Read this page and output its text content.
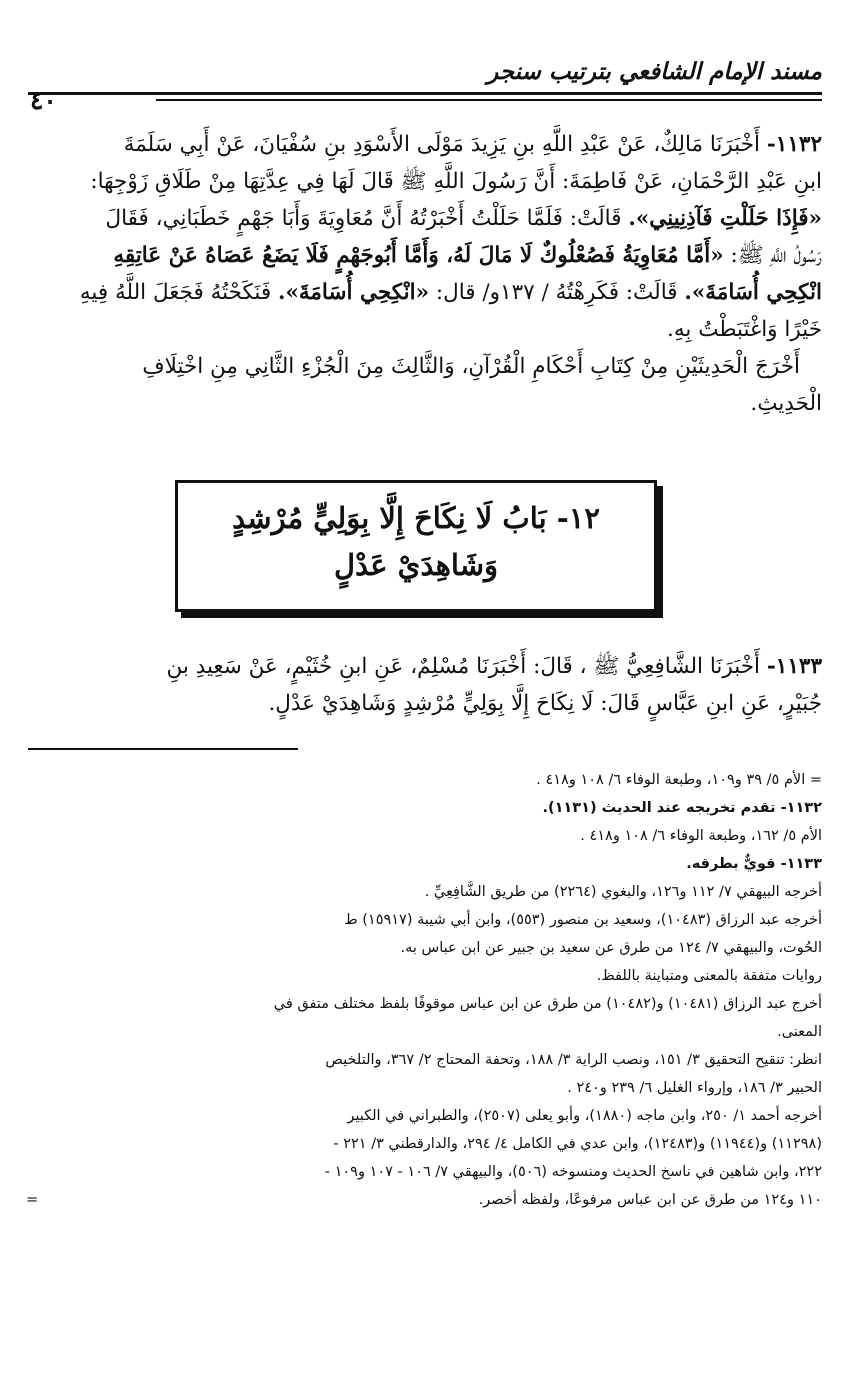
مسند الإمام الشافعي بترتيب سنجر
٤٠

١١٣٢- أَخْبَرَنَا مَالِكٌ، عَنْ عَبْدِ اللَّهِ بنِ يَزِيدَ مَوْلَى الأَسْوَدِ بنِ سُفْيَانَ، عَنْ أَبِي سَلَمَةَ

ابنِ عَبْدِ الرَّحْمَانِ، عَنْ فَاطِمَةَ: أَنَّ رَسُولَ اللَّهِ ﷺ قَالَ لَهَا فِي عِدَّتِهَا مِنْ طَلَاقِ زَوْجِهَا:

«فَإِذَا حَلَلْتِ فَآذِنِينِي». قَالَتْ: فَلَمَّا حَلَلْتُ أَخْبَرْتُهُ أَنَّ مُعَاوِيَةَ وَأَبَا جَهْمٍ خَطَبَانِي، فَقَالَ

رَسُولُ اللَّهِ ﷺ: «أَمَّا مُعَاوِيَةُ فَصُعْلُوكٌ لَا مَالَ لَهُ، وَأَمَّا أَبُوجَهْمٍ فَلَا يَضَعُ عَصَاهُ عَنْ عَاتِقِهِ

انْكِحِي أُسَامَةَ». قَالَتْ: فَكَرِهْتُهُ / ١٣٧و/ قال: «انْكِحِي أُسَامَةَ». فَنَكَحْتُهُ فَجَعَلَ اللَّهُ فِيهِ

خَيْرًا وَاغْتَبَطْتُ بِهِ.

أَخْرَجَ الْحَدِيثَيْنِ مِنْ كِتَابِ أَحْكَامِ الْقُرْآنِ، وَالثَّالِثَ مِنَ الْجُزْءِ الثَّانِي مِنِ اخْتِلَافِ

الْحَدِيثِ.

١٢- بَابُ لَا نِكَاحَ إِلَّا بِوَلِيٍّ مُرْشِدٍ
وَشَاهِدَيْ عَدْلٍ

١١٣٣- أَخْبَرَنَا الشَّافِعِيُّ ﷺ ، قَالَ: أَخْبَرَنَا مُسْلِمٌ، عَنِ ابنِ خُثَيْمٍ، عَنْ سَعِيدِ بنِ

جُبَيْرٍ، عَنِ ابنِ عَبَّاسٍ قَالَ: لَا نِكَاحَ إِلَّا بِوَلِيٍّ مُرْشِدٍ وَشَاهِدَيْ عَدْلٍ.

= الأم ٥/ ٣٩ و١٠٩، وطبعة الوفاء ٦/ ١٠٨ و٤١٨ .

١١٣٢- تقدم تخريجه عند الحديث (١١٣١).

الأم ٥/ ١٦٢، وطبعة الوفاء ٦/ ١٠٨ و٤١٨ .

١١٣٣- قويٌّ بطرقه.

أخرجه البيهقي ٧/ ١١٢ و١٢٦، والبغوي (٢٢٦٤) من طريق الشَّافِعِيِّ .

أخرجه عبد الرزاق (١٠٤٨٣)، وسعيد بن منصور (٥٥٣)، وابن أبي شيبة (١٥٩١٧) ط

الحُوت، والبيهقي ٧/ ١٢٤ من طرق عن سعيد بن جبير عن ابن عباس به.

روايات متفقة بالمعنى ومتباينة باللفظ.

أخرج عبد الرزاق (١٠٤٨١) و(١٠٤٨٢) من طرق عن ابن عباس موقوفًا بلفظ مختلف متفق في

المعنى.

انظر: تنقيح التحقيق ٣/ ١٥١، ونصب الراية ٣/ ١٨٨، وتحفة المحتاج ٢/ ٣٦٧، والتلخيص

الحبير ٣/ ١٨٦، وإرواء الغليل ٦/ ٢٣٩ و٢٤٠ .

أخرجه أحمد ١/ ٢٥٠، وابن ماجه (١٨٨٠)، وأبو يعلى (٢٥٠٧)، والطبراني في الكبير

(١١٢٩٨) و(١١٩٤٤) و(١٢٤٨٣)، وابن عدي في الكامل ٤/ ٢٩٤، والدارقطني ٣/ ٢٢١ -

٢٢٢، وابن شاهين في ناسخ الحديث ومنسوخه (٥٠٦)، والبيهقي ٧/ ١٠٦ - ١٠٧ و١٠٩ -

١١٠ و١٢٤ من طرق عن ابن عباس مرفوعًا، ولفظه أخصر.
=
